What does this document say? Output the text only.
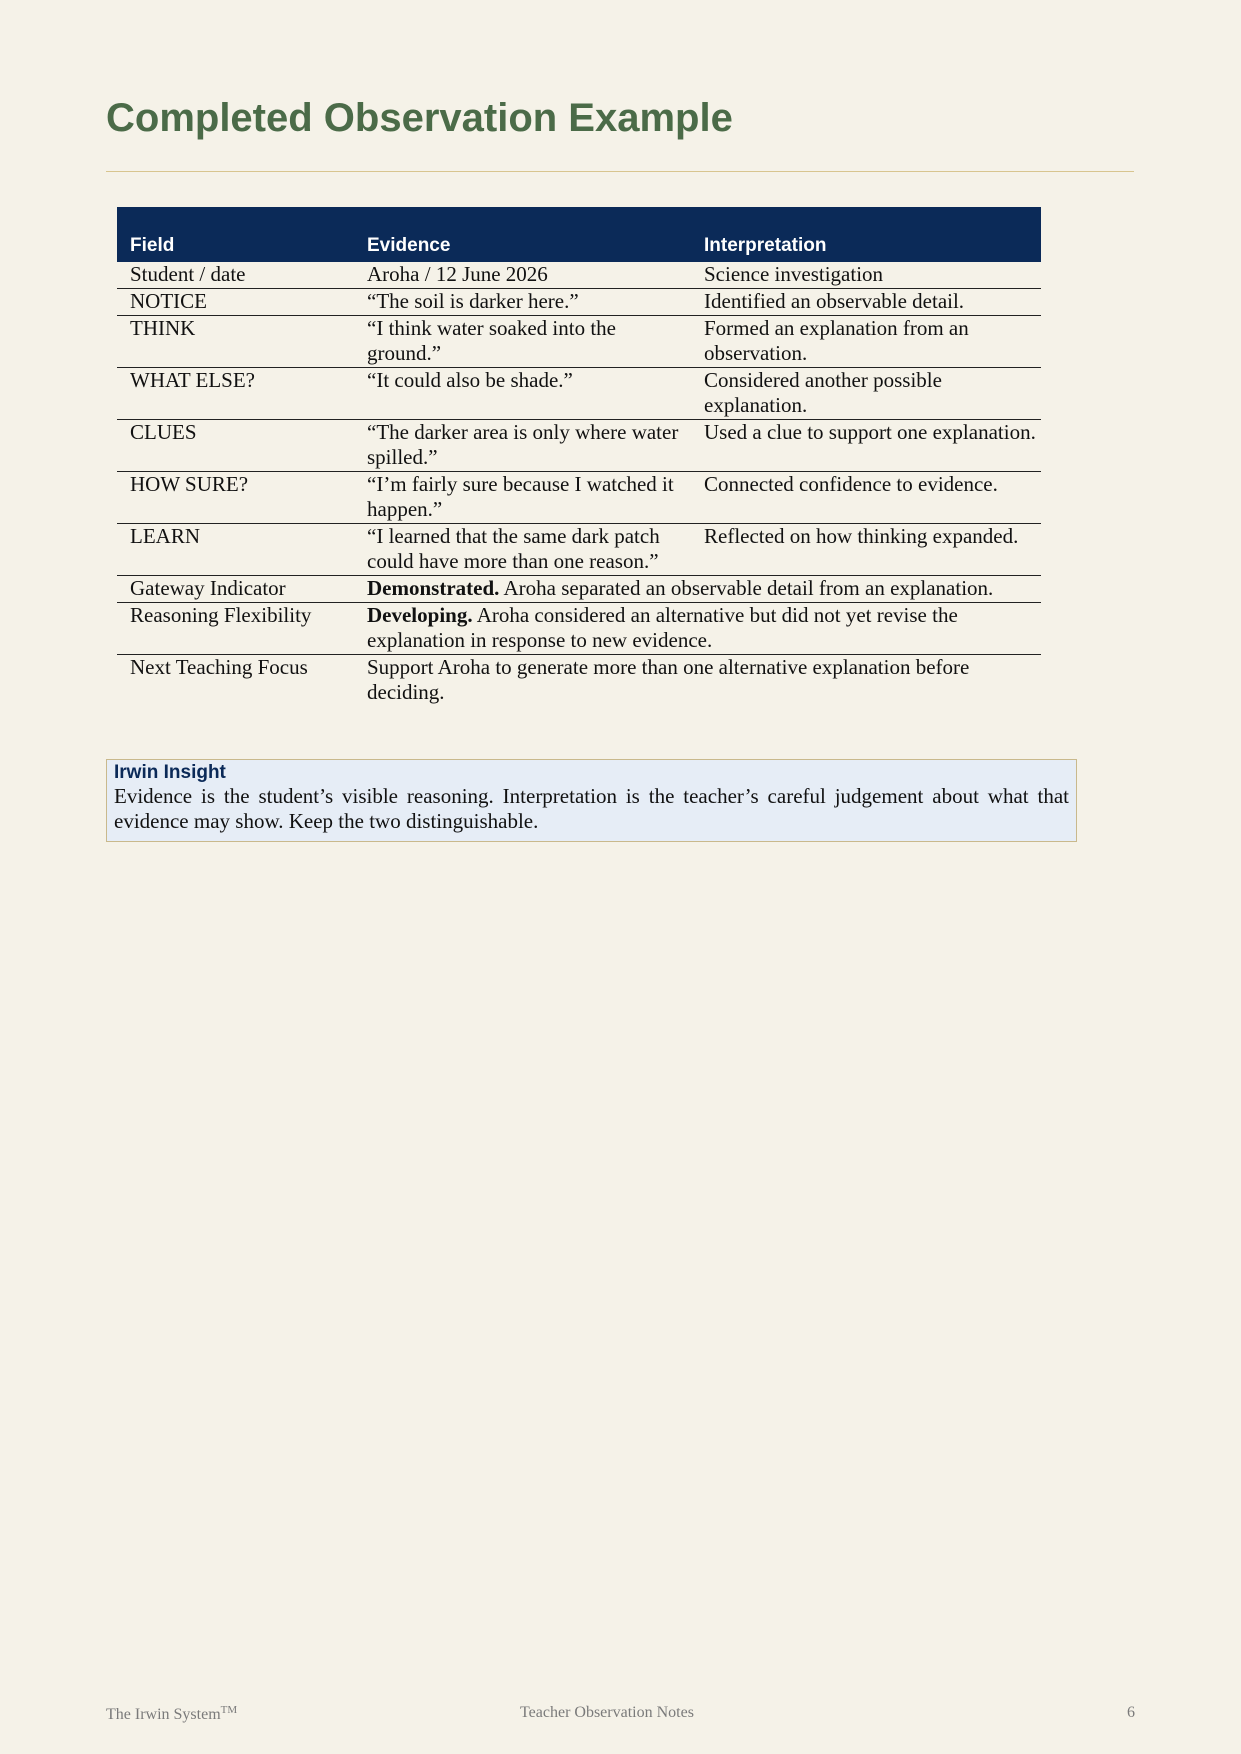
Completed Observation Example
Field	Evidence	Interpretation
Student / date	Aroha / 12 June 2026	Science investigation
NOTICE	“The soil is darker here.”	Identified an observable detail.
THINK	“I think water soaked into the ground.”	Formed an explanation from an observation.
WHAT ELSE?	“It could also be shade.”	Considered another possible explanation.
CLUES	“The darker area is only where water spilled.”	Used a clue to support one explanation.
HOW SURE?	“I’m fairly sure because I watched it happen.”	Connected confidence to evidence.
LEARN	“I learned that the same dark patch could have more than one reason.”	Reflected on how thinking expanded.
Gateway Indicator	Demonstrated. Aroha separated an observable detail from an explanation.	
Reasoning Flexibility	Developing. Aroha considered an alternative but did not yet revise the explanation in response to new evidence.	
Next Teaching Focus	Support Aroha to generate more than one alternative explanation before deciding.	
Irwin Insight

Evidence is the student’s visible reasoning. Interpretation is the teacher’s careful judgement about what that evidence may show. Keep the two distinguishable.

The Irwin System™	Teacher Observation Notes	6
